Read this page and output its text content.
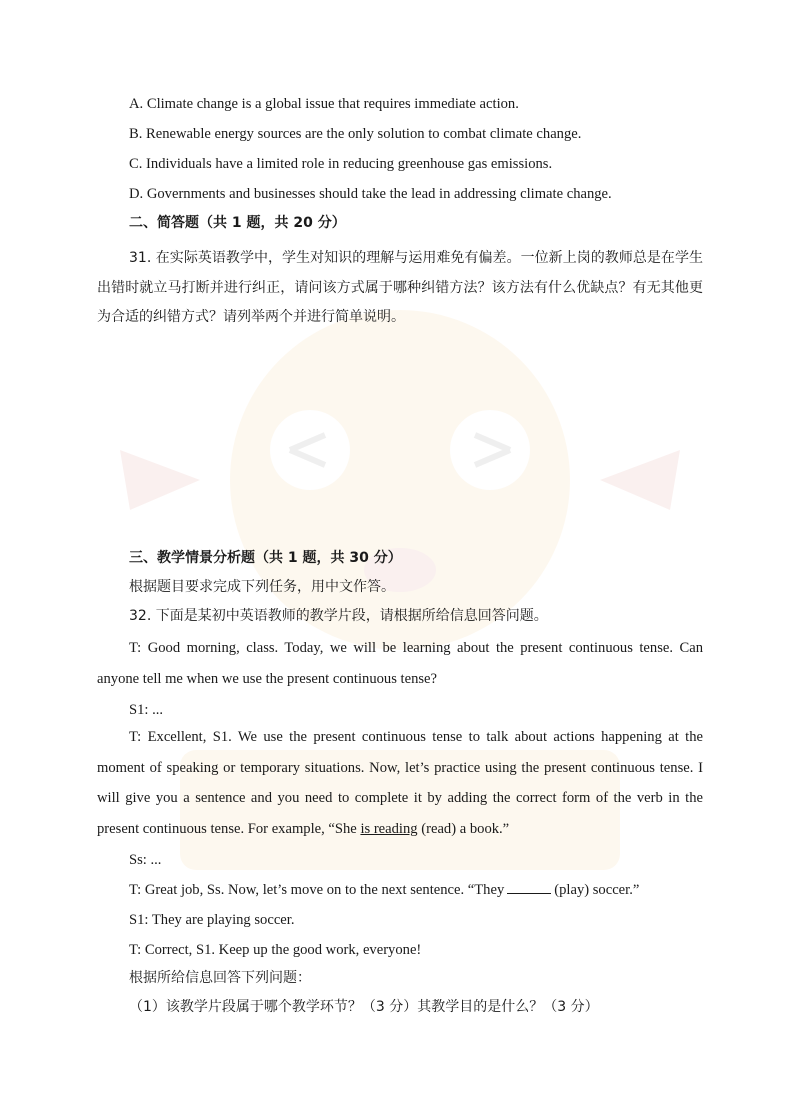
A. Climate change is a global issue that requires immediate action.
B. Renewable energy sources are the only solution to combat climate change.
C. Individuals have a limited role in reducing greenhouse gas emissions.
D. Governments and businesses should take the lead in addressing climate change.
二、简答题（共 1 题，共 20 分）
31. 在实际英语教学中，学生对知识的理解与运用难免有偏差。一位新上岗的教师总是在学生出错时就立马打断并进行纠正，请问该方式属于哪种纠错方法？该方法有什么优缺点？有无其他更为合适的纠错方式？请列举两个并进行简单说明。
三、教学情景分析题（共 1 题，共 30 分）
根据题目要求完成下列任务，用中文作答。
32. 下面是某初中英语教师的教学片段，请根据所给信息回答问题。
T: Good morning, class. Today, we will be learning about the present continuous tense. Can anyone tell me when we use the present continuous tense?
S1: ...
T: Excellent, S1. We use the present continuous tense to talk about actions happening at the moment of speaking or temporary situations. Now, let’s practice using the present continuous tense. I will give you a sentence and you need to complete it by adding the correct form of the verb in the present continuous tense. For example, “She is reading (read) a book.”
Ss: ...
T: Great job, Ss. Now, let’s move on to the next sentence. “They	(play) soccer.”
S1: They are playing soccer.
T: Correct, S1. Keep up the good work, everyone!
根据所给信息回答下列问题：
（1）该教学片段属于哪个教学环节？（3 分）其教学目的是什么？（3 分）
